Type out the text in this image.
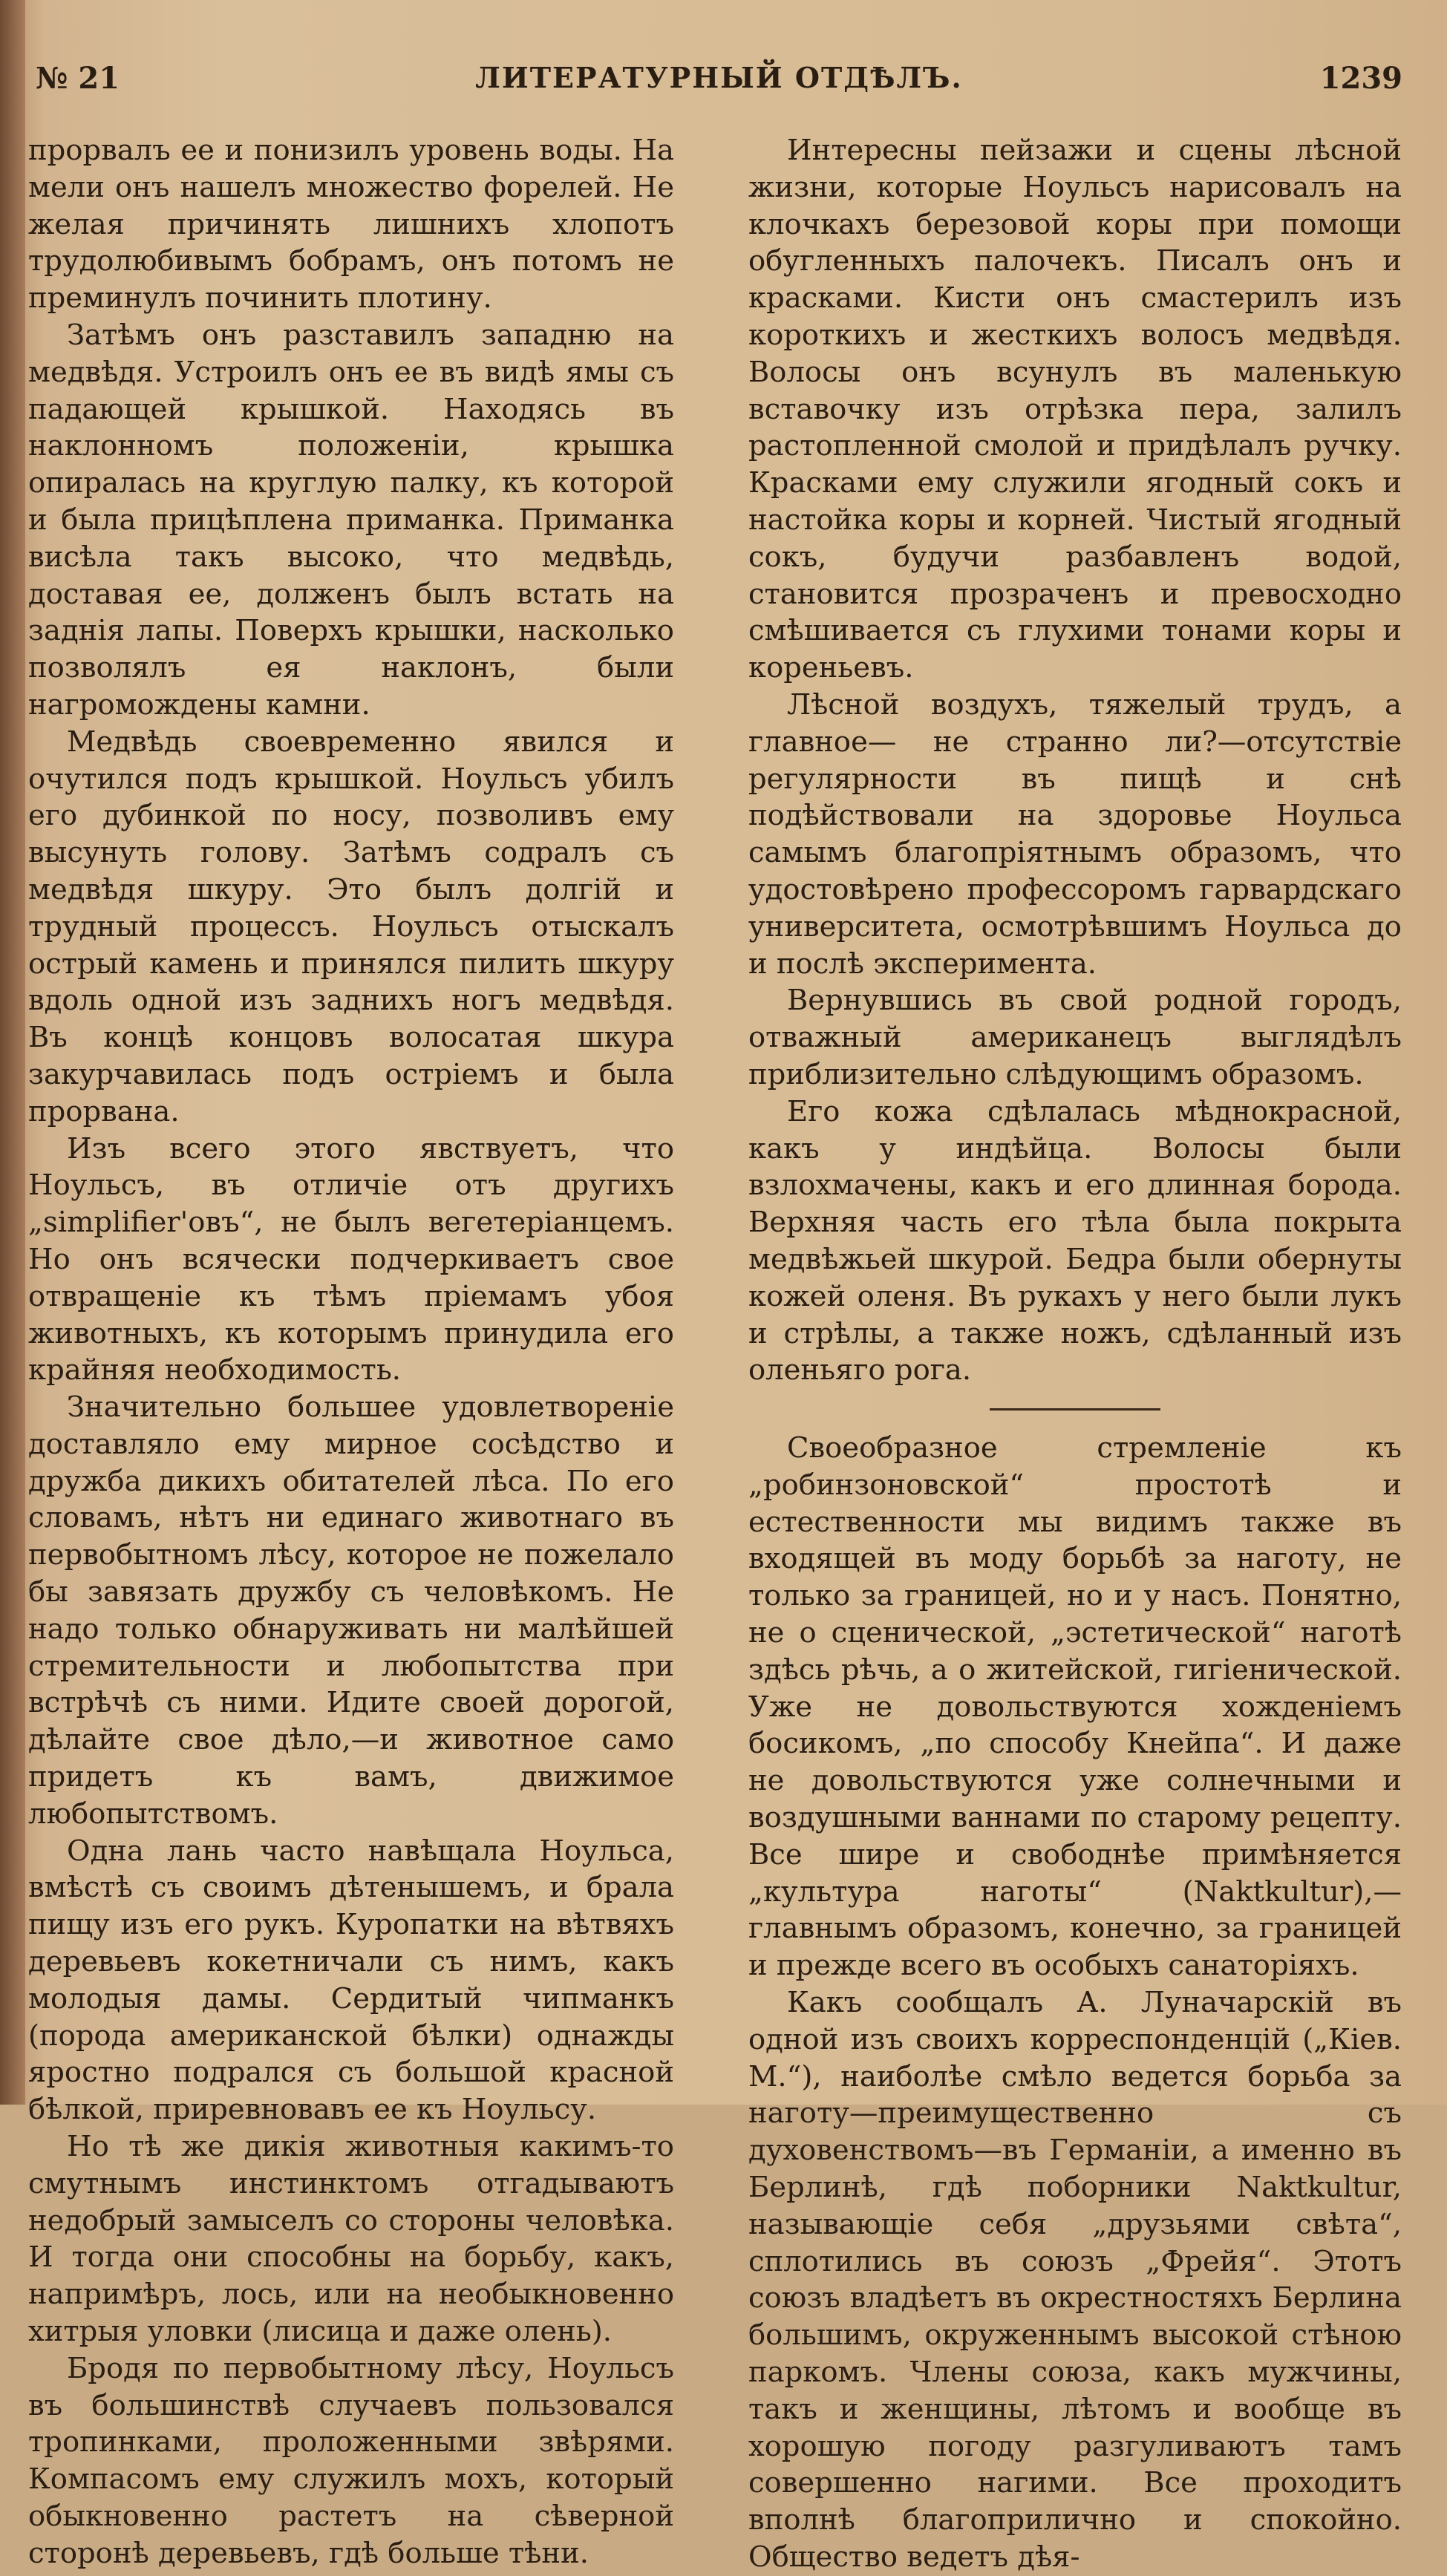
№ 21	ЛИТЕРАТУРНЫЙ ОТДѢЛЪ.	1239

прорвалъ ее и понизилъ уровень воды. На мели онъ нашелъ множество форелей. Не желая причинять лишнихъ хлопотъ трудолюбивымъ бобрамъ, онъ потомъ не преминулъ починить плотину.

Затѣмъ онъ разставилъ западню на медвѣдя. Устроилъ онъ ее въ видѣ ямы съ падающей крышкой. Находясь въ наклонномъ положеніи, крышка опиралась на круглую палку, къ которой и была прицѣплена приманка. Приманка висѣла такъ высоко, что медвѣдь, доставая ее, долженъ былъ встать на заднія лапы. Поверхъ крышки, насколько позволялъ ея наклонъ, были нагромождены камни.

Медвѣдь своевременно явился и очутился подъ крышкой. Ноульсъ убилъ его дубинкой по носу, позволивъ ему высунуть голову. Затѣмъ содралъ съ медвѣдя шкуру. Это былъ долгій и трудный процессъ. Ноульсъ отыскалъ острый камень и принялся пилить шкуру вдоль одной изъ заднихъ ногъ медвѣдя. Въ концѣ концовъ волосатая шкура закурчавилась подъ остріемъ и была прорвана.

Изъ всего этого явствуетъ, что Ноульсъ, въ отличіе отъ другихъ „simplifier'овъ“, не былъ вегетеріанцемъ. Но онъ всячески подчеркиваетъ свое отвращеніе къ тѣмъ пріемамъ убоя животныхъ, къ которымъ принудила его крайняя необходимость.

Значительно большее удовлетвореніе доставляло ему мирное сосѣдство и дружба дикихъ обитателей лѣса. По его словамъ, нѣтъ ни единаго животнаго въ первобытномъ лѣсу, которое не пожелало бы завязать дружбу съ человѣкомъ. Не надо только обнаруживать ни малѣйшей стремительности и любопытства при встрѣчѣ съ ними. Идите своей дорогой, дѣлайте свое дѣло,—и животное само придетъ къ вамъ, движимое любопытствомъ.

Одна лань часто навѣщала Ноульса, вмѣстѣ съ своимъ дѣтенышемъ, и брала пищу изъ его рукъ. Куропатки на вѣтвяхъ деревьевъ кокетничали съ нимъ, какъ молодыя дамы. Сердитый чипманкъ (порода американской бѣлки) однажды яростно подрался съ большой красной бѣлкой, приревновавъ ее къ Ноульсу.

Но тѣ же дикія животныя какимъ-то смутнымъ инстинктомъ отгадываютъ недобрый замыселъ со стороны человѣка. И тогда они способны на борьбу, какъ, напримѣръ, лось, или на необыкновенно хитрыя уловки (лисица и даже олень).

Бродя по первобытному лѣсу, Ноульсъ въ большинствѣ случаевъ пользовался тропинками, проложенными звѣрями. Компасомъ ему служилъ мохъ, который обыкновенно растетъ на сѣверной сторонѣ деревьевъ, гдѣ больше тѣни.

Интересны пейзажи и сцены лѣсной жизни, которые Ноульсъ нарисовалъ на клочкахъ березовой коры при помощи обугленныхъ палочекъ. Писалъ онъ и красками. Кисти онъ смастерилъ изъ короткихъ и жесткихъ волосъ медвѣдя. Волосы онъ всунулъ въ маленькую вставочку изъ отрѣзка пера, залилъ растопленной смолой и придѣлалъ ручку. Красками ему служили ягодный сокъ и настойка коры и корней. Чистый ягодный сокъ, будучи разбавленъ водой, становится прозраченъ и превосходно смѣшивается съ глухими тонами коры и кореньевъ.

Лѣсной воздухъ, тяжелый трудъ, а главное— не странно ли?—отсутствіе регулярности въ пищѣ и снѣ подѣйствовали на здоровье Ноульса самымъ благопріятнымъ образомъ, что удостовѣрено профессоромъ гарвардскаго университета, осмотрѣвшимъ Ноульса до и послѣ эксперимента.

Вернувшись въ свой родной городъ, отважный американецъ выглядѣлъ приблизительно слѣдующимъ образомъ.

Его кожа сдѣлалась мѣднокрасной, какъ у индѣйца. Волосы были взлохмачены, какъ и его длинная борода. Верхняя часть его тѣла была покрыта медвѣжьей шкурой. Бедра были обернуты кожей оленя. Въ рукахъ у него были лукъ и стрѣлы, а также ножъ, сдѣланный изъ оленьяго рога.

Своеобразное стремленіе къ „робинзоновской“ простотѣ и естественности мы видимъ также въ входящей въ моду борьбѣ за наготу, не только за границей, но и у насъ. Понятно, не о сценической, „эстетической“ наготѣ здѣсь рѣчь, а о житейской, гигіенической. Уже не довольствуются хожденіемъ босикомъ, „по способу Кнейпа“. И даже не довольствуются уже солнечными и воздушными ваннами по старому рецепту. Все шире и свободнѣе примѣняется „культура наготы“ (Naktkultur),—главнымъ образомъ, конечно, за границей и прежде всего въ особыхъ санаторіяхъ.

Какъ сообщалъ А. Луначарскій въ одной изъ своихъ корреспонденцій („Кіев. М.“), наиболѣе смѣло ведется борьба за наготу—преимущественно съ духовенствомъ—въ Германіи, а именно въ Берлинѣ, гдѣ поборники Naktkultur, называющіе себя „друзьями свѣта“, сплотились въ союзъ „Фрейя“. Этотъ союзъ владѣетъ въ окрестностяхъ Берлина большимъ, окруженнымъ высокой стѣною паркомъ. Члены союза, какъ мужчины, такъ и женщины, лѣтомъ и вообще въ хорошую погоду разгуливаютъ тамъ совершенно нагими. Все проходитъ вполнѣ благоприлично и спокойно. Общество ведетъ дѣя-
